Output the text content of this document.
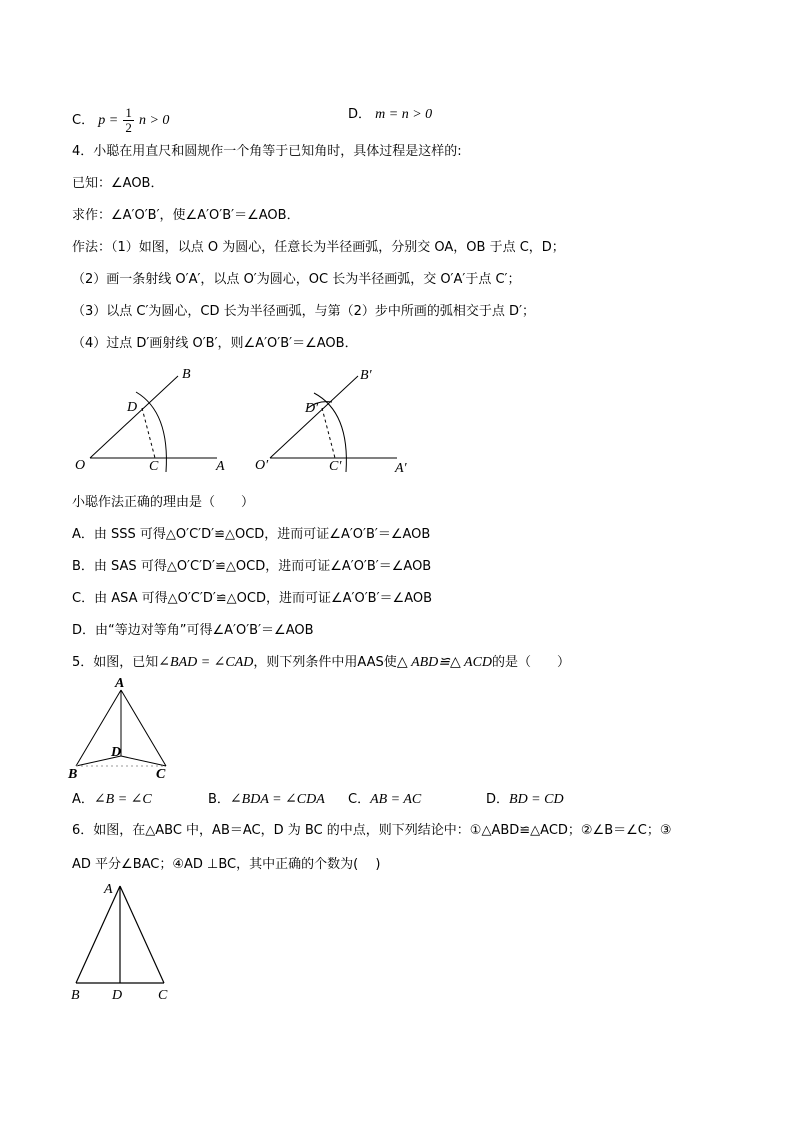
C． $p = \frac{1}{2}$ n > 0	D． m = n > 0
4．小聪在用直尺和圆规作一个角等于已知角时，具体过程是这样的:
已知：∠AOB．
求作：∠A′O′B′，使∠A′O′B′＝∠AOB．
作法：（1）如图，以点 O 为圆心，任意长为半径画弧，分别交 OA，OB 于点 C，D；
（2）画一条射线 O′A′，以点 O′为圆心，OC 长为半径画弧，交 O′A′于点 C′；
（3）以点 C′为圆心，CD 长为半径画弧，与第（2）步中所画的弧相交于点 D′；
（4）过点 D′画射线 O′B′，则∠A′O′B′＝∠AOB．
B
D
O	C	A
B′
D′
O′	C′	A′
小聪作法正确的理由是（　　）
A．由 SSS 可得△O′C′D′≌△OCD，进而可证∠A′O′B′＝∠AOB
B．由 SAS 可得△O′C′D′≌△OCD，进而可证∠A′O′B′＝∠AOB
C．由 ASA 可得△O′C′D′≌△OCD，进而可证∠A′O′B′＝∠AOB
D．由“等边对等角”可得∠A′O′B′＝∠AOB
5．如图，已知∠BAD = ∠CAD，则下列条件中用AAS使△ ABD≌△ ACD的是（　　）
A
D
B	C
A．∠B = ∠C	B．∠BDA = ∠CDA C．AB = AC	D．BD = CD
6．如图，在△ABC 中，AB＝AC，D 为 BC 的中点，则下列结论中：①△ABD≌△ACD；②∠B＝∠C；③
AD 平分∠BAC；④AD ⊥BC，其中正确的个数为(　 )
A
B D	C
